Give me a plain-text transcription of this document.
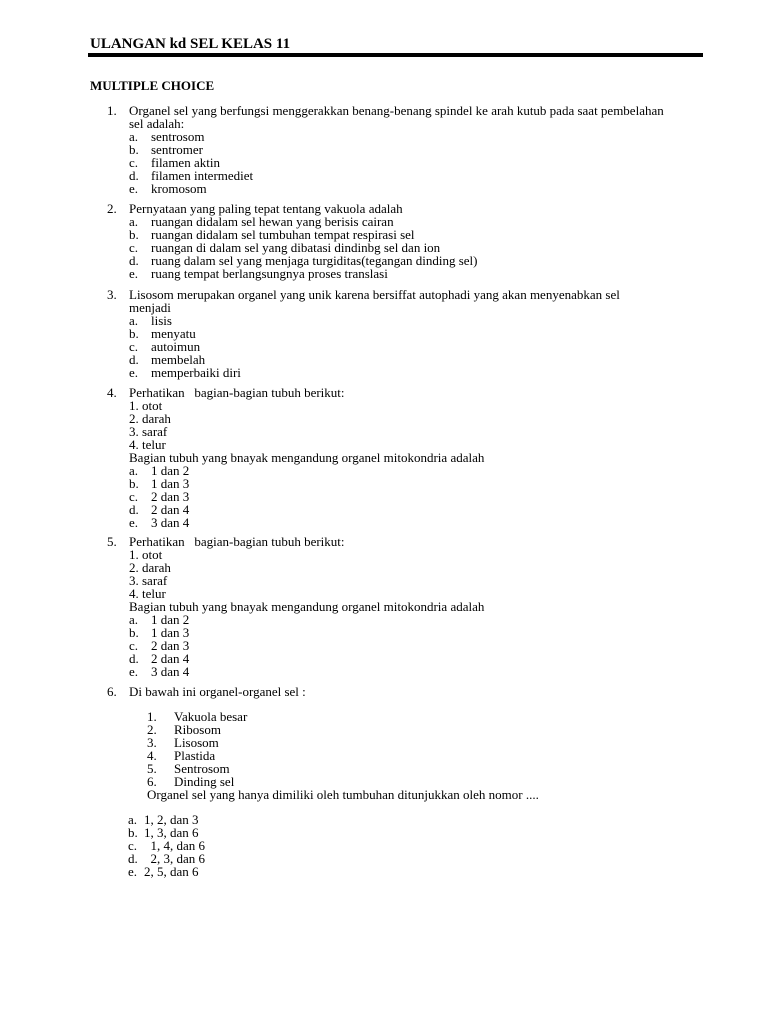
ULANGAN kd SEL KELAS 11
MULTIPLE CHOICE
1. Organel sel yang berfungsi menggerakkan benang-benang spindel ke arah kutub pada saat pembelahan
sel adalah:
a. sentrosom
b. sentromer
c. filamen aktin
d. filamen intermediet
e. kromosom
2. Pernyataan yang paling tepat tentang vakuola adalah
a. ruangan didalam sel hewan yang berisis cairan
b. ruangan didalam sel tumbuhan tempat respirasi sel
c. ruangan di dalam sel yang dibatasi dindinbg sel dan ion
d. ruang dalam sel yang menjaga turgiditas(tegangan dinding sel)
e. ruang tempat berlangsungnya proses translasi
3. Lisosom merupakan organel yang unik karena bersiffat autophadi yang akan menyenabkan sel
menjadi
a. lisis
b. menyatu
c. autoimun
d. membelah
e. memperbaiki diri
4. Perhatikan   bagian-bagian tubuh berikut:
1. otot
2. darah
3. saraf
4. telur
Bagian tubuh yang bnayak mengandung organel mitokondria adalah
a. 1 dan 2
b. 1 dan 3
c. 2 dan 3
d. 2 dan 4
e. 3 dan 4
5. Perhatikan   bagian-bagian tubuh berikut:
1. otot
2. darah
3. saraf
4. telur
Bagian tubuh yang bnayak mengandung organel mitokondria adalah
a. 1 dan 2
b. 1 dan 3
c. 2 dan 3
d. 2 dan 4
e. 3 dan 4
6. Di bawah ini organel-organel sel :
1. Vakuola besar
2. Ribosom
3. Lisosom
4. Plastida
5. Sentrosom
6. Dinding sel
Organel sel yang hanya dimiliki oleh tumbuhan ditunjukkan oleh nomor ....
a. 1, 2, dan 3
b. 1, 3, dan 6
c. 1, 4, dan 6
d. 2, 3, dan 6
e. 2, 5, dan 6
